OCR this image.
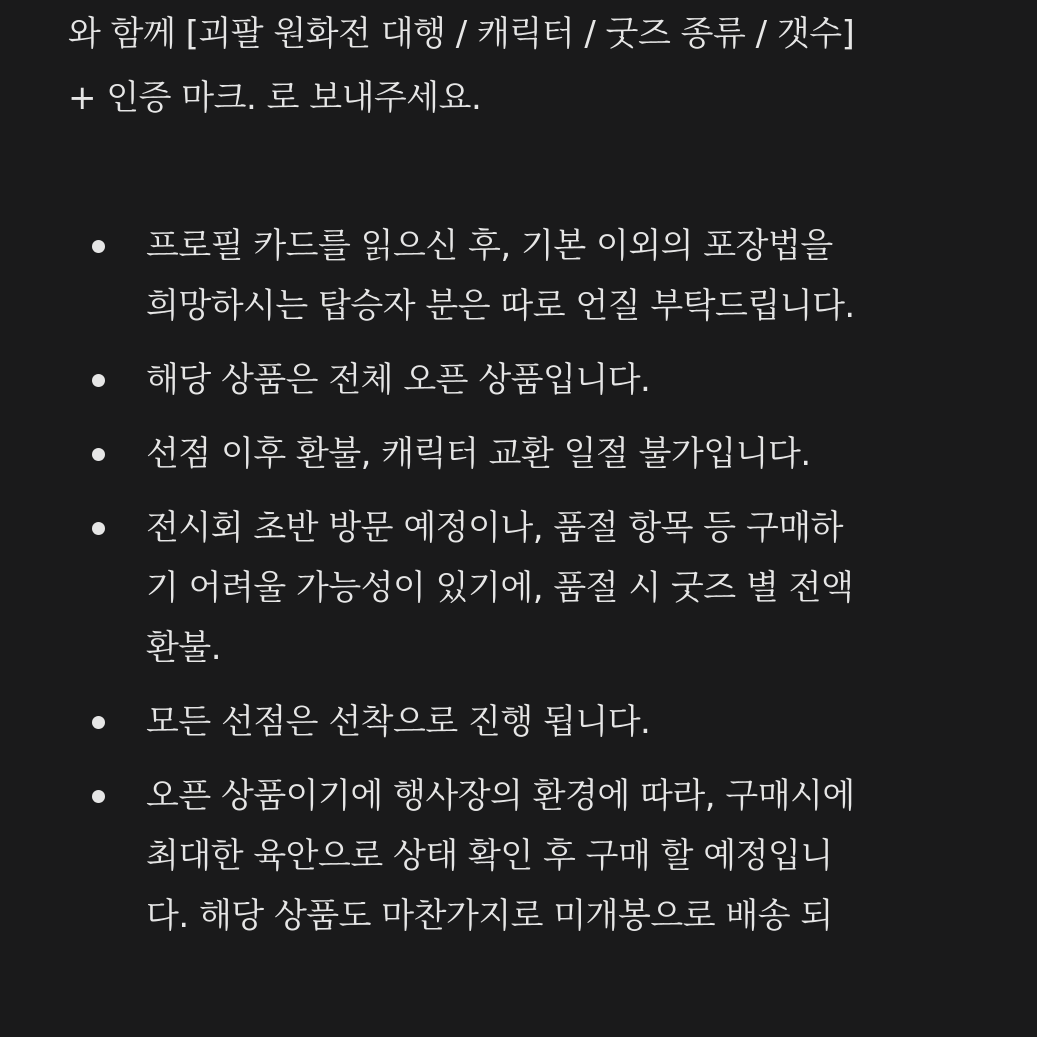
와 함께 [괴팔 원화전 대행 / 캐릭터 / 굿즈 종류 / 갯수]
+ 인증 마크. 로 보내주세요.

프로필 카드를 읽으신 후, 기본 이외의 포장법을
희망하시는 탑승자 분은 따로 언질 부탁드립니다.
해당 상품은 전체 오픈 상품입니다.
선점 이후 환불, 캐릭터 교환 일절 불가입니다.
전시회 초반 방문 예정이나, 품절 항목 등 구매하
기 어려울 가능성이 있기에, 품절 시 굿즈 별 전액
환불.
모든 선점은 선착으로 진행 됩니다.
오픈 상품이기에 행사장의 환경에 따라, 구매시에
최대한 육안으로 상태 확인 후 구매 할 예정입니
다. 해당 상품도 마찬가지로 미개봉으로 배송 되
